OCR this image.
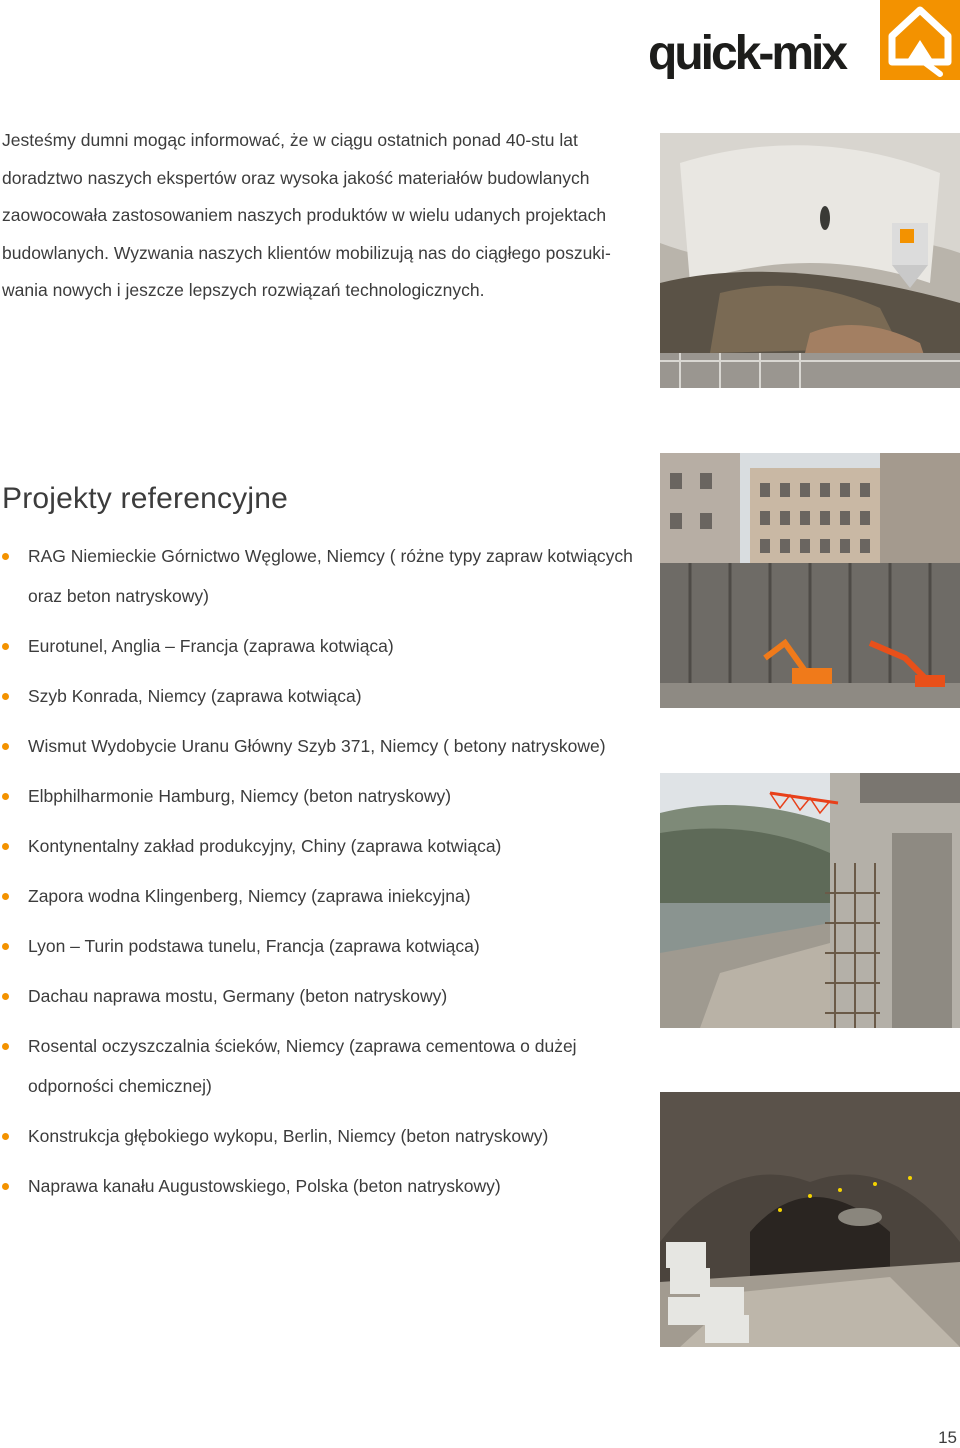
quick-mix

Jesteśmy dumni mogąc informować, że w ciągu ostatnich ponad 40-stu lat doradztwo naszych ekspertów oraz wysoka jakość materiałów budowlanych zaowocowała zastosowaniem naszych produktów w wielu udanych projektach budowlanych. Wyzwania naszych klientów mobilizują nas do ciągłego poszukiwania nowych i jeszcze lepszych rozwiązań technologicznych.

Projekty referencyjne
RAG Niemieckie Górnictwo Węglowe, Niemcy ( różne typy zapraw kotwiących oraz beton natryskowy)
Eurotunel, Anglia – Francja (zaprawa kotwiąca)
Szyb Konrada, Niemcy (zaprawa kotwiąca)
Wismut Wydobycie Uranu Główny Szyb 371, Niemcy ( betony natryskowe)
Elbphilharmonie Hamburg, Niemcy (beton natryskowy)
Kontynentalny zakład produkcyjny, Chiny (zaprawa kotwiąca)
Zapora wodna Klingenberg, Niemcy (zaprawa iniekcyjna)
Lyon – Turin podstawa tunelu, Francja (zaprawa kotwiąca)
Dachau naprawa mostu, Germany (beton natryskowy)
Rosental oczyszczalnia ścieków, Niemcy (zaprawa cementowa o dużej odporności chemicznej)
Konstrukcja głębokiego wykopu, Berlin, Niemcy (beton natryskowy)
Naprawa kanału Augustowskiego, Polska (beton natryskowy)
15
